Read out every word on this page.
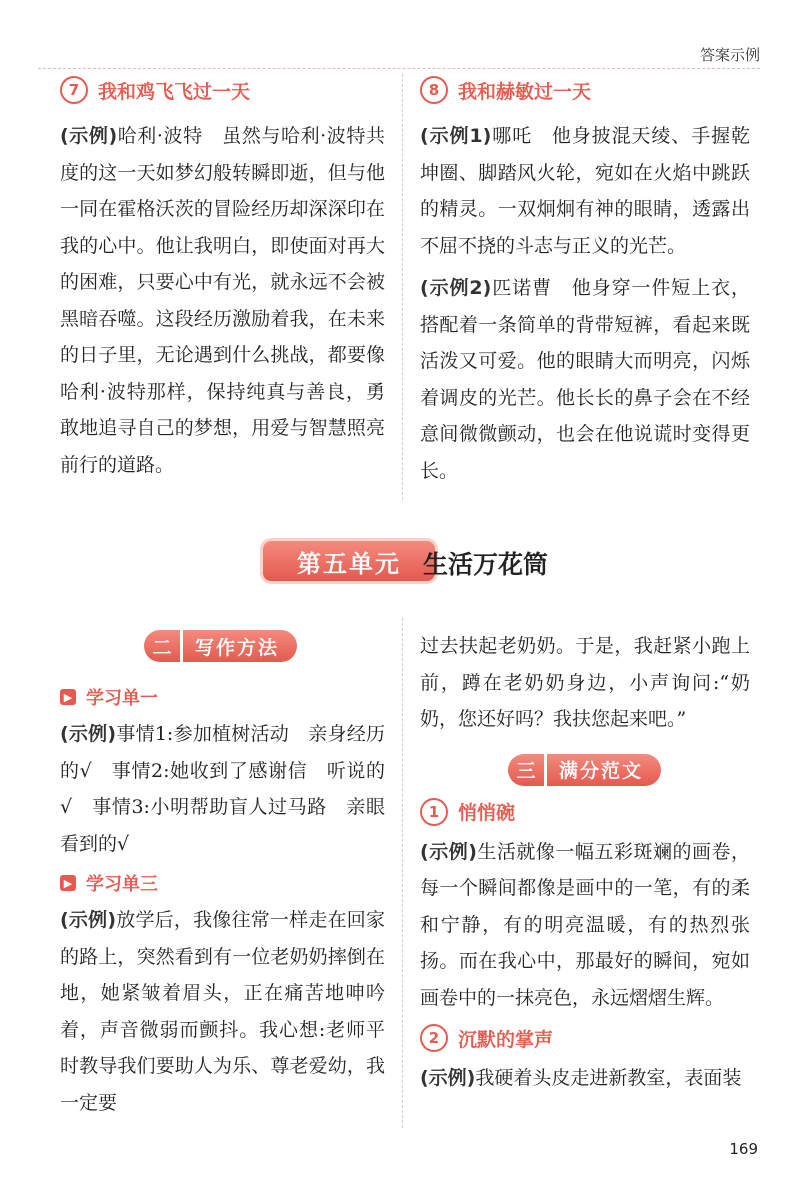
答案示例
7 我和鸡飞飞过一天

(示例)哈利·波特　虽然与哈利·波特共度的这一天如梦幻般转瞬即逝，但与他一同在霍格沃茨的冒险经历却深深印在我的心中。他让我明白，即使面对再大的困难，只要心中有光，就永远不会被黑暗吞噬。这段经历激励着我，在未来的日子里，无论遇到什么挑战，都要像哈利·波特那样，保持纯真与善良，勇敢地追寻自己的梦想，用爱与智慧照亮前行的道路。

8 我和赫敏过一天

(示例1)哪吒　他身披混天绫、手握乾坤圈、脚踏风火轮，宛如在火焰中跳跃的精灵。一双炯炯有神的眼睛，透露出不屈不挠的斗志与正义的光芒。

(示例2)匹诺曹　他身穿一件短上衣，搭配着一条简单的背带短裤，看起来既活泼又可爱。他的眼睛大而明亮，闪烁着调皮的光芒。他长长的鼻子会在不经意间微微颤动，也会在他说谎时变得更长。

第五单元 生活万花筒
二	写作方法
▶ 学习单一

(示例)事情1:参加植树活动　亲身经历的√　事情2:她收到了感谢信　听说的√　事情3:小明帮助盲人过马路　亲眼看到的√

▶ 学习单三

(示例)放学后，我像往常一样走在回家的路上，突然看到有一位老奶奶摔倒在地，她紧皱着眉头，正在痛苦地呻吟着，声音微弱而颤抖。我心想:老师平时教导我们要助人为乐、尊老爱幼，我一定要

过去扶起老奶奶。于是，我赶紧小跑上前，蹲在老奶奶身边，小声询问:“奶奶，您还好吗？我扶您起来吧。”

三	满分范文
1 悄悄碗

(示例)生活就像一幅五彩斑斓的画卷，每一个瞬间都像是画中的一笔，有的柔和宁静，有的明亮温暖，有的热烈张扬。而在我心中，那最好的瞬间，宛如画卷中的一抹亮色，永远熠熠生辉。

2 沉默的掌声

(示例)我硬着头皮走进新教室，表面装

169
